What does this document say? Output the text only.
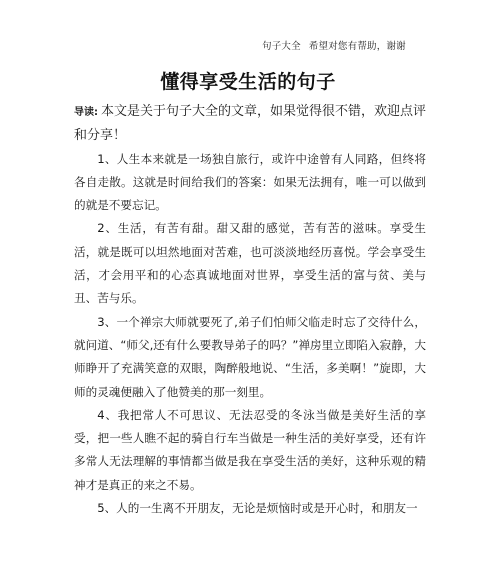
句子大全 希望对您有帮助，谢谢
懂得享受生活的句子

导读: 本文是关于句子大全的文章，如果觉得很不错，欢迎点评和分享！

1、人生本来就是一场独自旅行，或许中途曾有人同路，但终将各自走散。这就是时间给我们的答案：如果无法拥有，唯一可以做到的就是不要忘记。

2、生活，有苦有甜。甜又甜的感觉，苦有苦的滋味。享受生活，就是既可以坦然地面对苦难，也可淡淡地经历喜悦。学会享受生活，才会用平和的心态真诚地面对世界，享受生活的富与贫、美与丑、苦与乐。

3、一个禅宗大师就要死了,弟子们怕师父临走时忘了交待什么，就问道、“师父,还有什么要教导弟子的吗？”禅房里立即陷入寂静，大师睁开了充满笑意的双眼，陶醉般地说、“生活，多美啊！”旋即，大师的灵魂便融入了他赞美的那一刻里。

4、我把常人不可思议、无法忍受的冬泳当做是美好生活的享受，把一些人瞧不起的骑自行车当做是一种生活的美好享受，还有许多常人无法理解的事情都当做是我在享受生活的美好，这种乐观的精神才是真正的来之不易。

5、人的一生离不开朋友，无论是烦恼时或是开心时，和朋友一
